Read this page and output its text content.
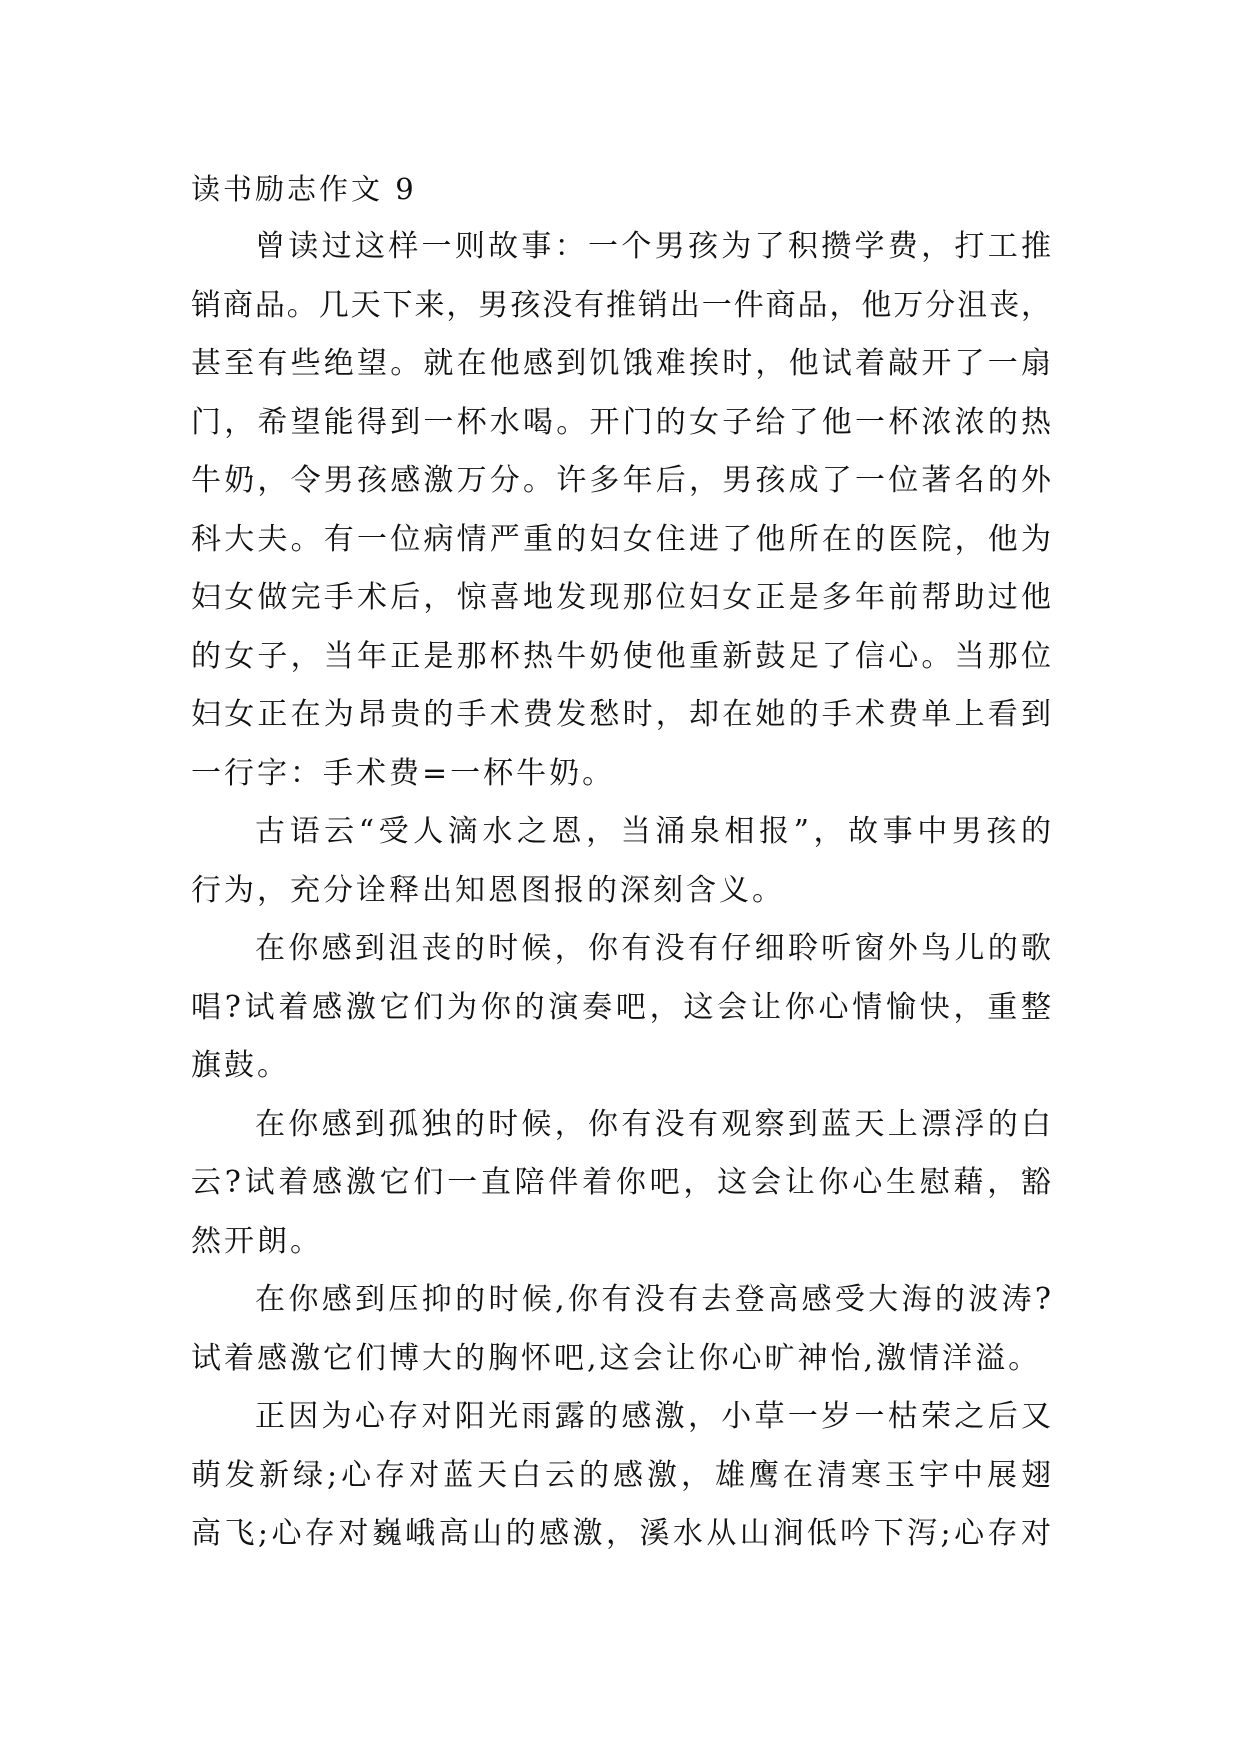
读书励志作文 9

曾读过这样一则故事：一个男孩为了积攒学费，打工推
销商品。几天下来，男孩没有推销出一件商品，他万分沮丧，
甚至有些绝望。就在他感到饥饿难挨时，他试着敲开了一扇
门，希望能得到一杯水喝。开门的女子给了他一杯浓浓的热
牛奶，令男孩感激万分。许多年后，男孩成了一位著名的外
科大夫。有一位病情严重的妇女住进了他所在的医院，他为
妇女做完手术后，惊喜地发现那位妇女正是多年前帮助过他
的女子，当年正是那杯热牛奶使他重新鼓足了信心。当那位
妇女正在为昂贵的手术费发愁时，却在她的手术费单上看到
一行字：手术费=一杯牛奶。

古语云“受人滴水之恩，当涌泉相报”，故事中男孩的
行为，充分诠释出知恩图报的深刻含义。

在你感到沮丧的时候，你有没有仔细聆听窗外鸟儿的歌
唱?试着感激它们为你的演奏吧，这会让你心情愉快，重整
旗鼓。

在你感到孤独的时候，你有没有观察到蓝天上漂浮的白
云?试着感激它们一直陪伴着你吧，这会让你心生慰藉，豁
然开朗。

在你感到压抑的时候,你有没有去登高感受大海的波涛?
试着感激它们博大的胸怀吧,这会让你心旷神怡,激情洋溢。

正因为心存对阳光雨露的感激，小草一岁一枯荣之后又
萌发新绿;心存对蓝天白云的感激，雄鹰在清寒玉宇中展翅
高飞;心存对巍峨高山的感激，溪水从山涧低吟下泻;心存对
